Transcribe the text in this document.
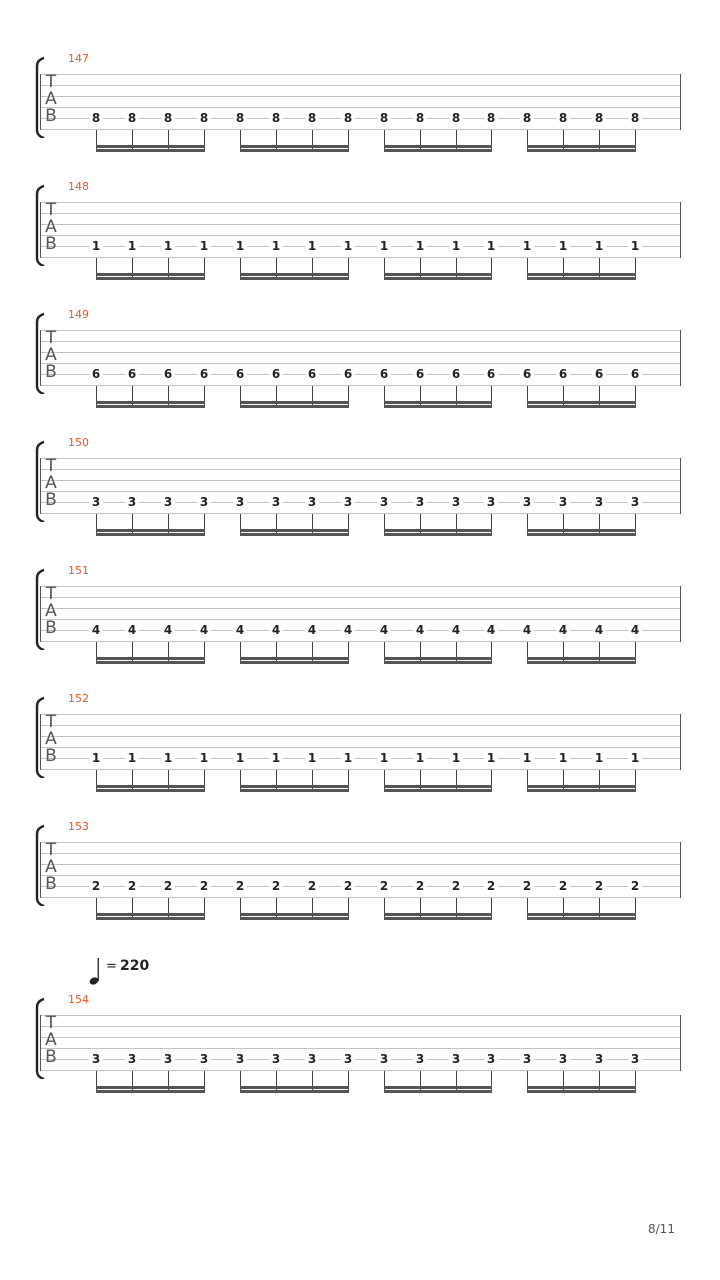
147
T
A
B	8 8 8 8 8 8 8 8 8 8 8 8 8 8 8 8
148
T
A
B	1 1 1 1 1 1 1 1 1 1 1 1 1 1 1 1
149
T
A
B	6 6 6 6 6 6 6 6 6 6 6 6 6 6 6 6
150
T
A
B	3 3 3 3 3 3 3 3 3 3 3 3 3 3 3 3
151
T
A
B	4 4 4 4 4 4 4 4 4 4 4 4 4 4 4 4
152
T
A
B	1 1 1 1 1 1 1 1 1 1 1 1 1 1 1 1
153
T
A
B	2 2 2 2 2 2 2 2 2 2 2 2 2 2 2 2
154
T
A
B	3 3 3 3 3 3 3 3 3 3 3 3 3 3 3 3
= 220
8/11
